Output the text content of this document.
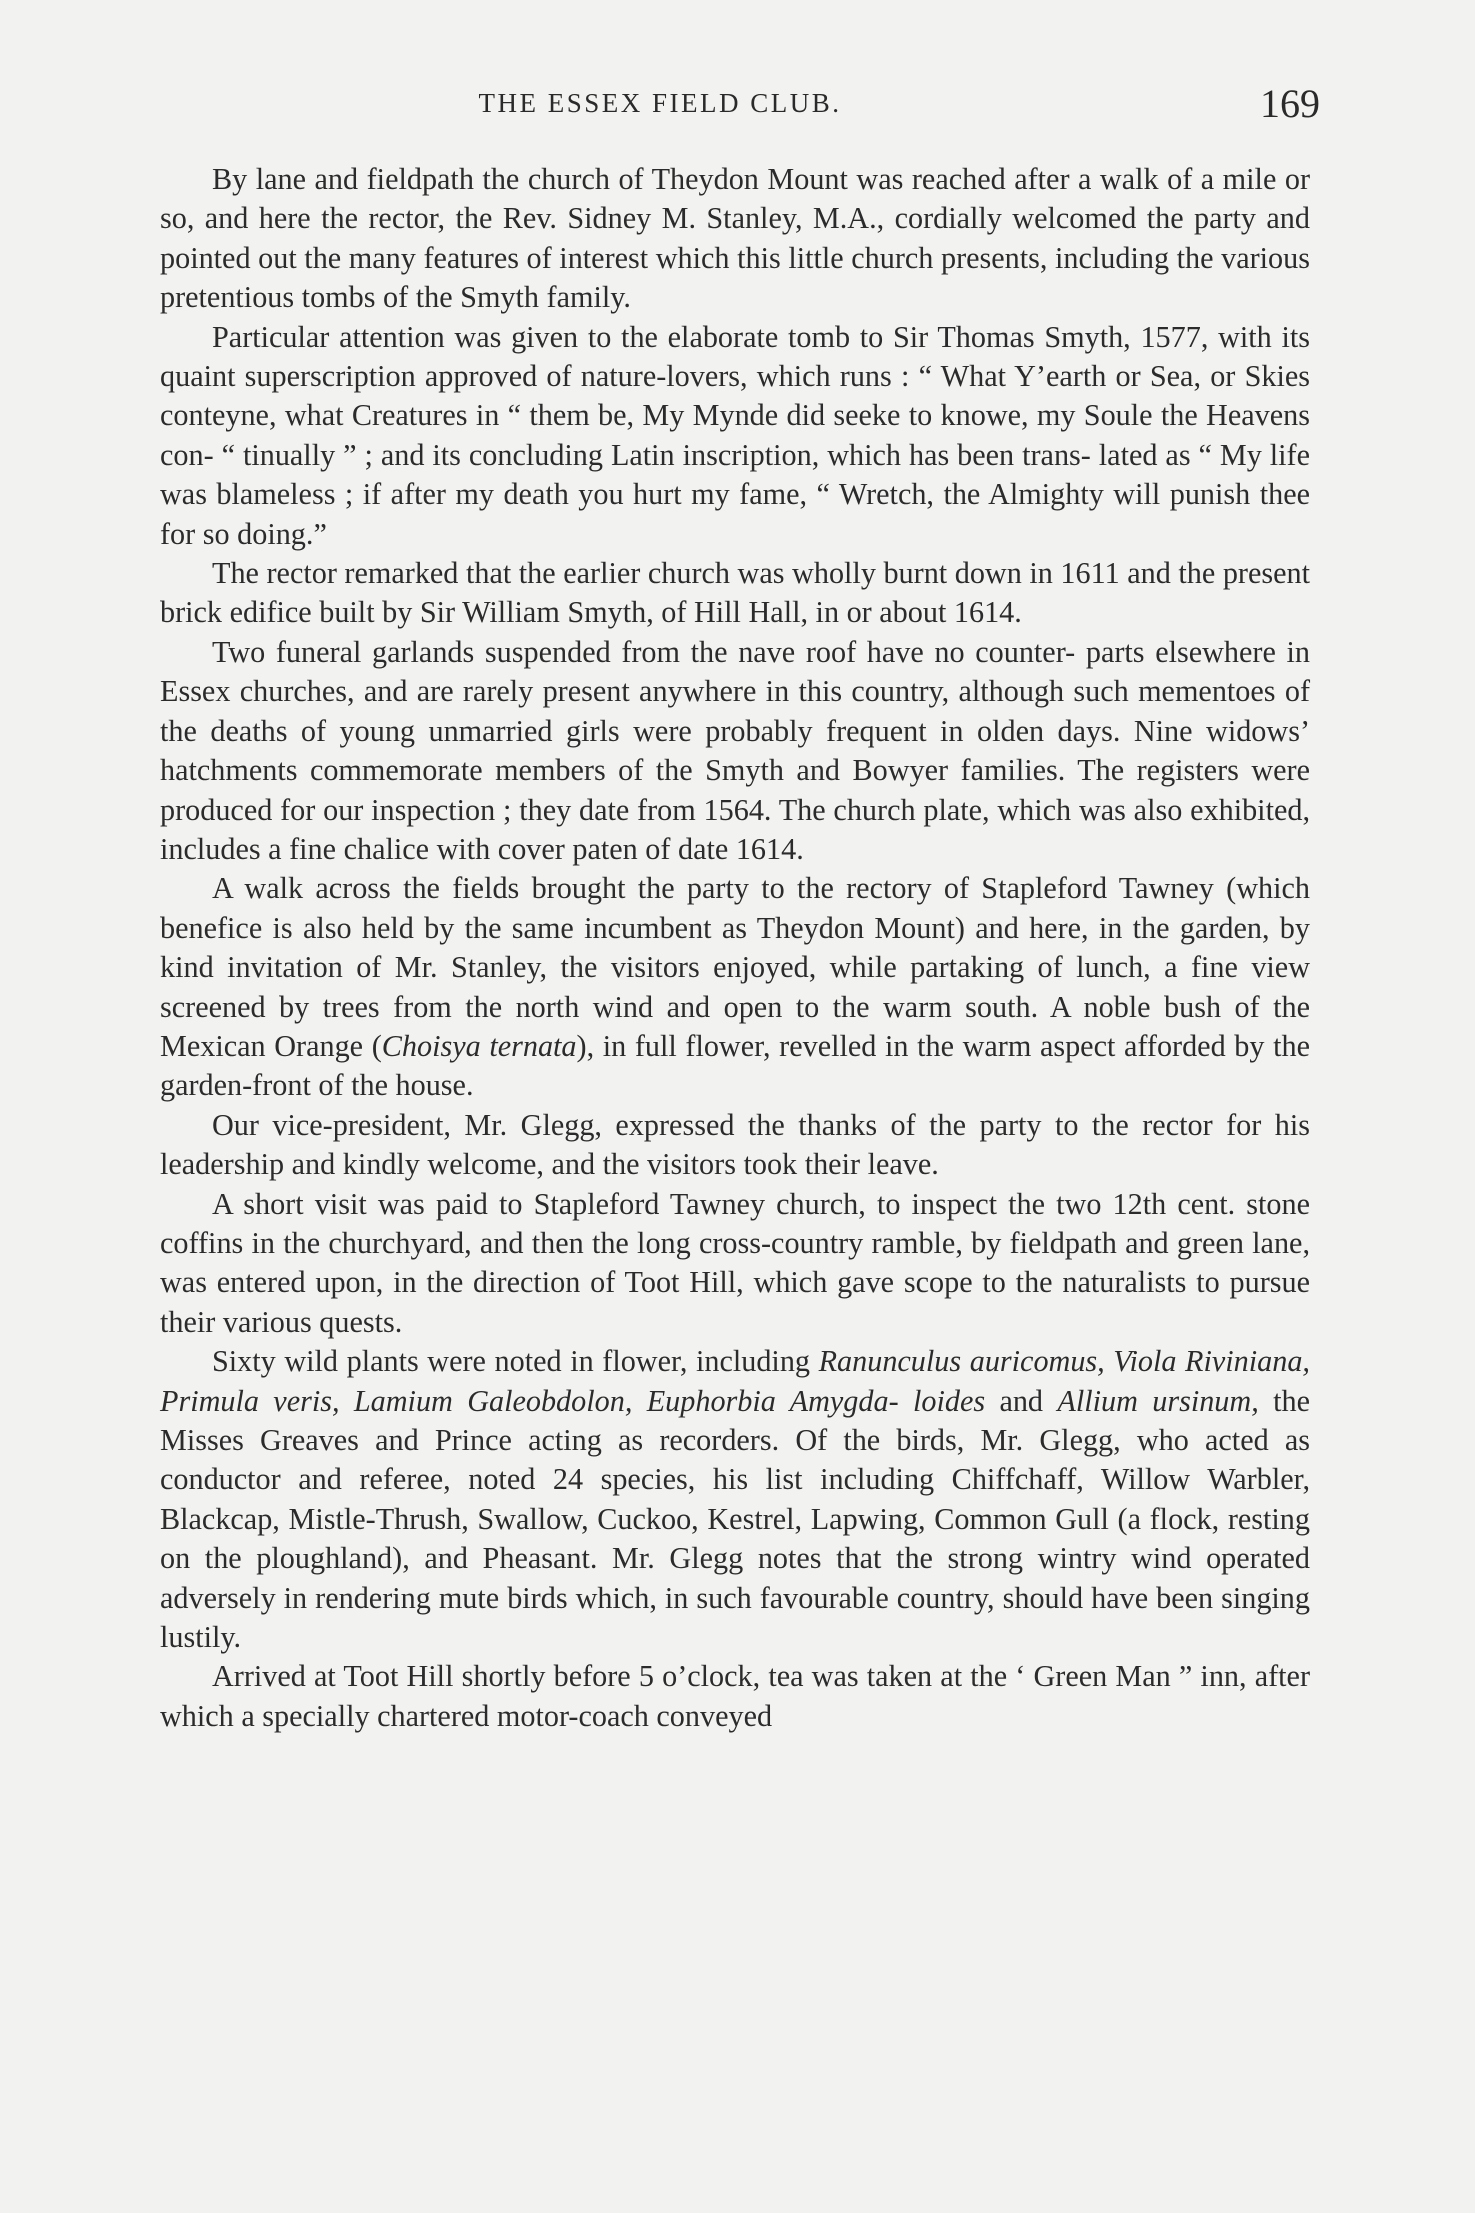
THE ESSEX FIELD CLUB.	169

By lane and fieldpath the church of Theydon Mount was reached after a walk of a mile or so, and here the rector, the Rev. Sidney M. Stanley, M.A., cordially welcomed the party and pointed out the many features of interest which this little church presents, including the various pretentious tombs of the Smyth family.

Particular attention was given to the elaborate tomb to Sir Thomas Smyth, 1577, with its quaint superscription approved of nature-lovers, which runs : “ What Y’earth or Sea, or Skies conteyne, what Creatures in “ them be, My Mynde did seeke to knowe, my Soule the Heavens con- “ tinually ” ; and its concluding Latin inscription, which has been trans- lated as “ My life was blameless ; if after my death you hurt my fame, “ Wretch, the Almighty will punish thee for so doing.”

The rector remarked that the earlier church was wholly burnt down in 1611 and the present brick edifice built by Sir William Smyth, of Hill Hall, in or about 1614.

Two funeral garlands suspended from the nave roof have no counter- parts elsewhere in Essex churches, and are rarely present anywhere in this country, although such mementoes of the deaths of young unmarried girls were probably frequent in olden days. Nine widows’ hatchments commemorate members of the Smyth and Bowyer families. The registers were produced for our inspection ; they date from 1564. The church plate, which was also exhibited, includes a fine chalice with cover paten of date 1614.

A walk across the fields brought the party to the rectory of Stapleford Tawney (which benefice is also held by the same incumbent as Theydon Mount) and here, in the garden, by kind invitation of Mr. Stanley, the visitors enjoyed, while partaking of lunch, a fine view screened by trees from the north wind and open to the warm south. A noble bush of the Mexican Orange (Choisya ternata), in full flower, revelled in the warm aspect afforded by the garden-front of the house.

Our vice-president, Mr. Glegg, expressed the thanks of the party to the rector for his leadership and kindly welcome, and the visitors took their leave.

A short visit was paid to Stapleford Tawney church, to inspect the two 12th cent. stone coffins in the churchyard, and then the long cross-country ramble, by fieldpath and green lane, was entered upon, in the direction of Toot Hill, which gave scope to the naturalists to pursue their various quests.

Sixty wild plants were noted in flower, including Ranunculus auricomus, Viola Riviniana, Primula veris, Lamium Galeobdolon, Euphorbia Amygda- loides and Allium ursinum, the Misses Greaves and Prince acting as recorders. Of the birds, Mr. Glegg, who acted as conductor and referee, noted 24 species, his list including Chiffchaff, Willow Warbler, Blackcap, Mistle-Thrush, Swallow, Cuckoo, Kestrel, Lapwing, Common Gull (a flock, resting on the ploughland), and Pheasant. Mr. Glegg notes that the strong wintry wind operated adversely in rendering mute birds which, in such favourable country, should have been singing lustily.

Arrived at Toot Hill shortly before 5 o’clock, tea was taken at the ‘ Green Man ” inn, after which a specially chartered motor-coach conveyed
